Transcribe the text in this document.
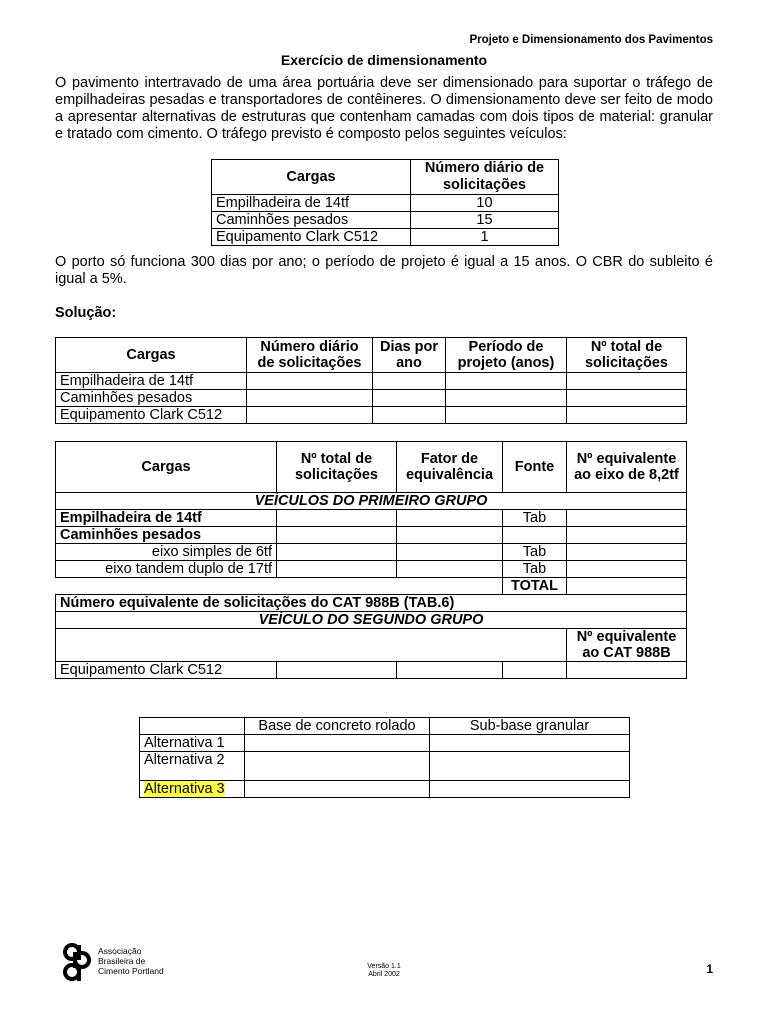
Projeto e Dimensionamento dos Pavimentos
Exercício de dimensionamento

O pavimento intertravado de uma área portuária deve ser dimensionado para suportar o tráfego de empilhadeiras pesadas e transportadores de contêineres. O dimensionamento deve ser feito de modo a apresentar alternativas de estruturas que contenham camadas com dois tipos de material: granular e tratado com cimento. O tráfego previsto é composto pelos seguintes veículos:

Cargas	Número diário de solicitações
Empilhadeira de 14tf	10
Caminhões pesados	15
Equipamento Clark C512	1

O porto só funciona 300 dias por ano; o período de projeto é igual a 15 anos. O CBR do subleito é igual a 5%.

Solução:
Cargas	Número diário de solicitações	Dias por ano	Período de projeto (anos)	Nº total de solicitações
Empilhadeira de 14tf				
Caminhões pesados				
Equipamento Clark C512				
Cargas	Nº total de solicitações	Fator de equivalência	Fonte	Nº equivalente ao eixo de 8,2tf
VEÍCULOS DO PRIMEIRO GRUPO				
Empilhadeira de 14tf			Tab	
Caminhões pesados				
eixo simples de 6tf			Tab	
eixo tandem duplo de 17tf			Tab	
			TOTAL	
Número equivalente de solicitações do CAT 988B (TAB.6)				
VEÍCULO DO SEGUNDO GRUPO				
				Nº equivalente ao CAT 988B
Equipamento Clark C512				
	Base de concreto rolado	Sub-base granular
Alternativa 1		
Alternativa 2		
Alternativa 3		
Associação
Brasileira de
Cimento Portland	Versão 1.1
Abril 2002	1
